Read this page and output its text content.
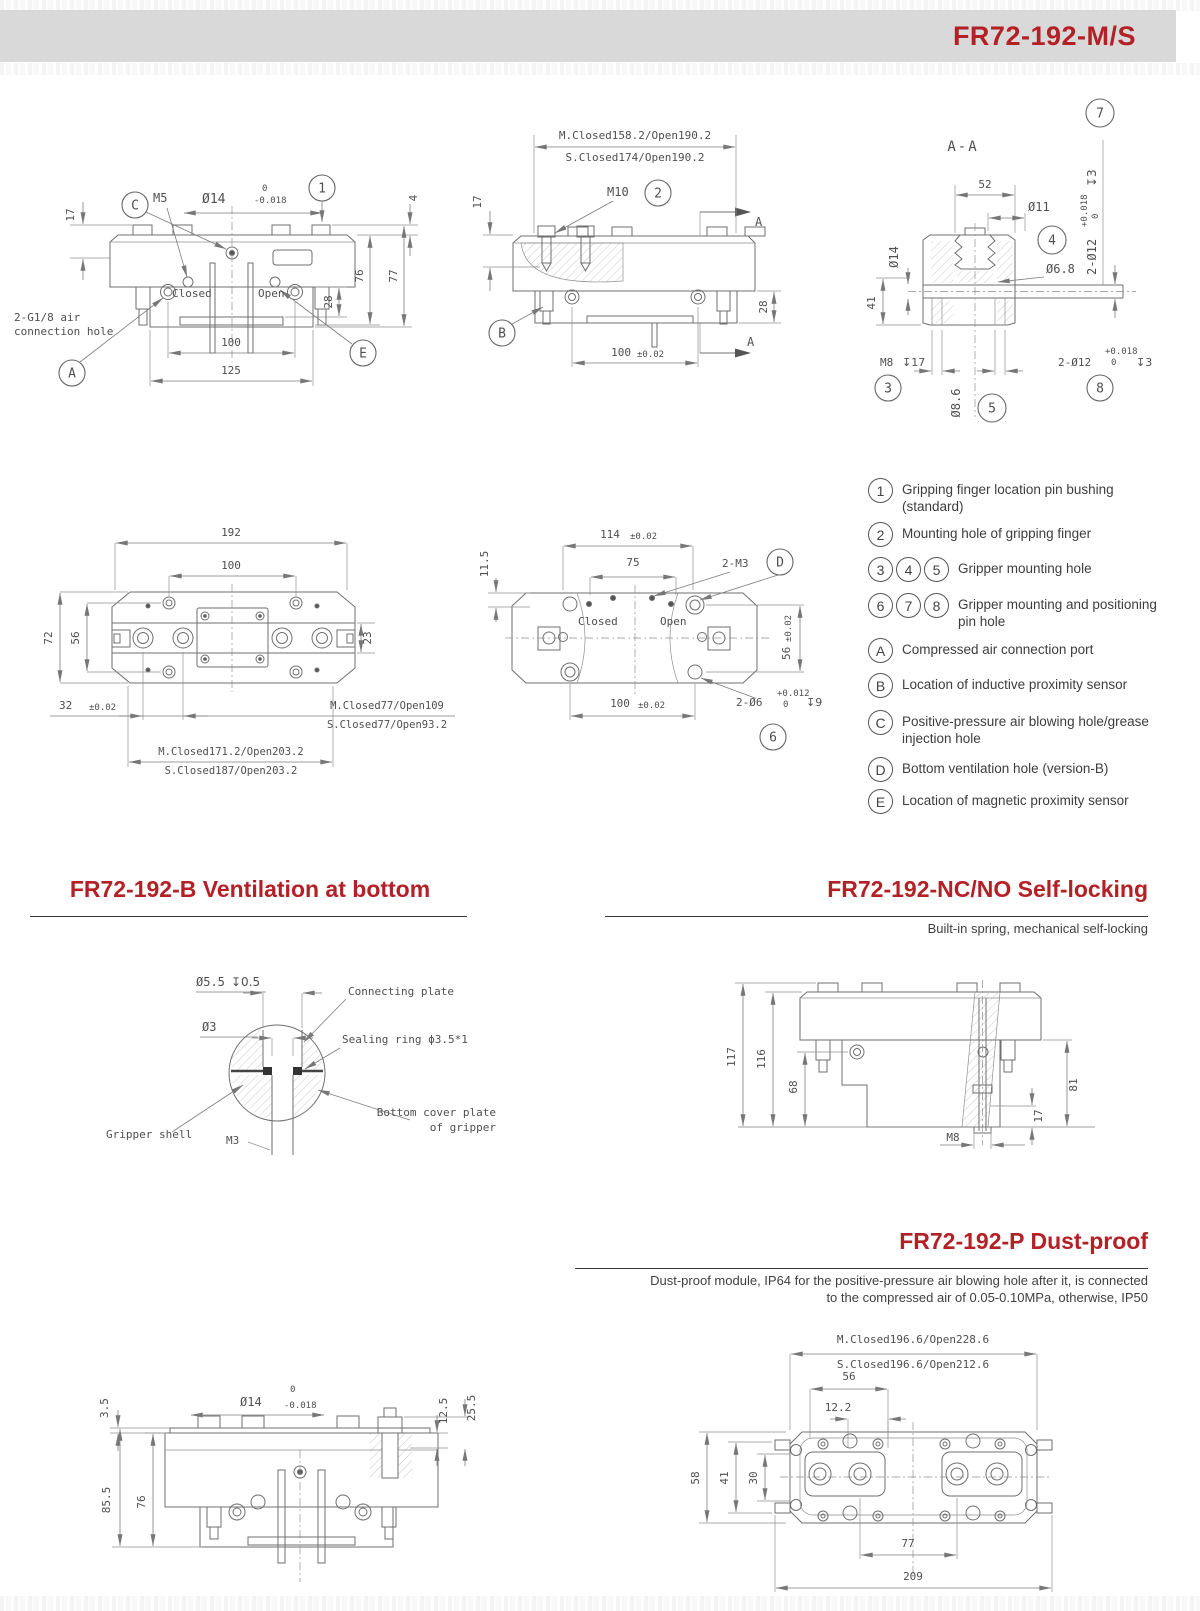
FR72-192-M/S
C
1
A
E
17
M5	Ø14
0
-0.018	4
76 77
28
Closed	Open
2-G1/8 air
connection hole
100
125
2
B
M.Closed158.2/Open190.2
S.Closed174/Open190.2
M10
17
A
A
28
100 ±0.02
A-A
7
2-Ø12
+0.018 0
↧3
52
Ø11
Ø14
4
Ø6.8
41
M8 ↧17
3
2-Ø12
+0.018
0 ↧3
8
Ø8.6 5
192
100
72 56	23
32 ±0.02	M.Closed77/Open109
S.Closed77/Open93.2
M.Closed171.2/Open203.2
S.Closed187/Open203.2
114 ±0.02
75
11.5	2-M3 D
Closed	Open
56
±0.02
100 ±0.02	2-Ø6
+0.012
0 ↧9
6
1	Gripping finger location pin bushing (standard)
2	Mounting hole of gripping finger
3	4	5	Gripper mounting hole
6	7	8	Gripper mounting and positioning pin hole
A	Compressed air connection port
B	Location of inductive proximity sensor
C	Positive-pressure air blowing hole/grease injection hole
D	Bottom ventilation hole (version-B)
E	Location of magnetic proximity sensor
FR72-192-B Ventilation at bottom	FR72-192-NC/NO Self-locking
Built-in spring, mechanical self-locking
Ø5.5 ↧0.5
Ø3
Connecting plate
Sealing ring ϕ3.5*1
Bottom cover plate
of gripper
Gripper shell	M3
117 116
68	81
17
M8
FR72-192-P Dust-proof
Dust-proof module, IP64 for the positive-pressure air blowing hole after it, is connected
to the compressed air of 0.05-0.10MPa, otherwise, IP50
Ø14
0
-0.018
3.5	12.5 25.5
85.5 76
M.Closed196.6/Open228.6
S.Closed196.6/Open212.6
56
12.2
58 41 30
77
209
